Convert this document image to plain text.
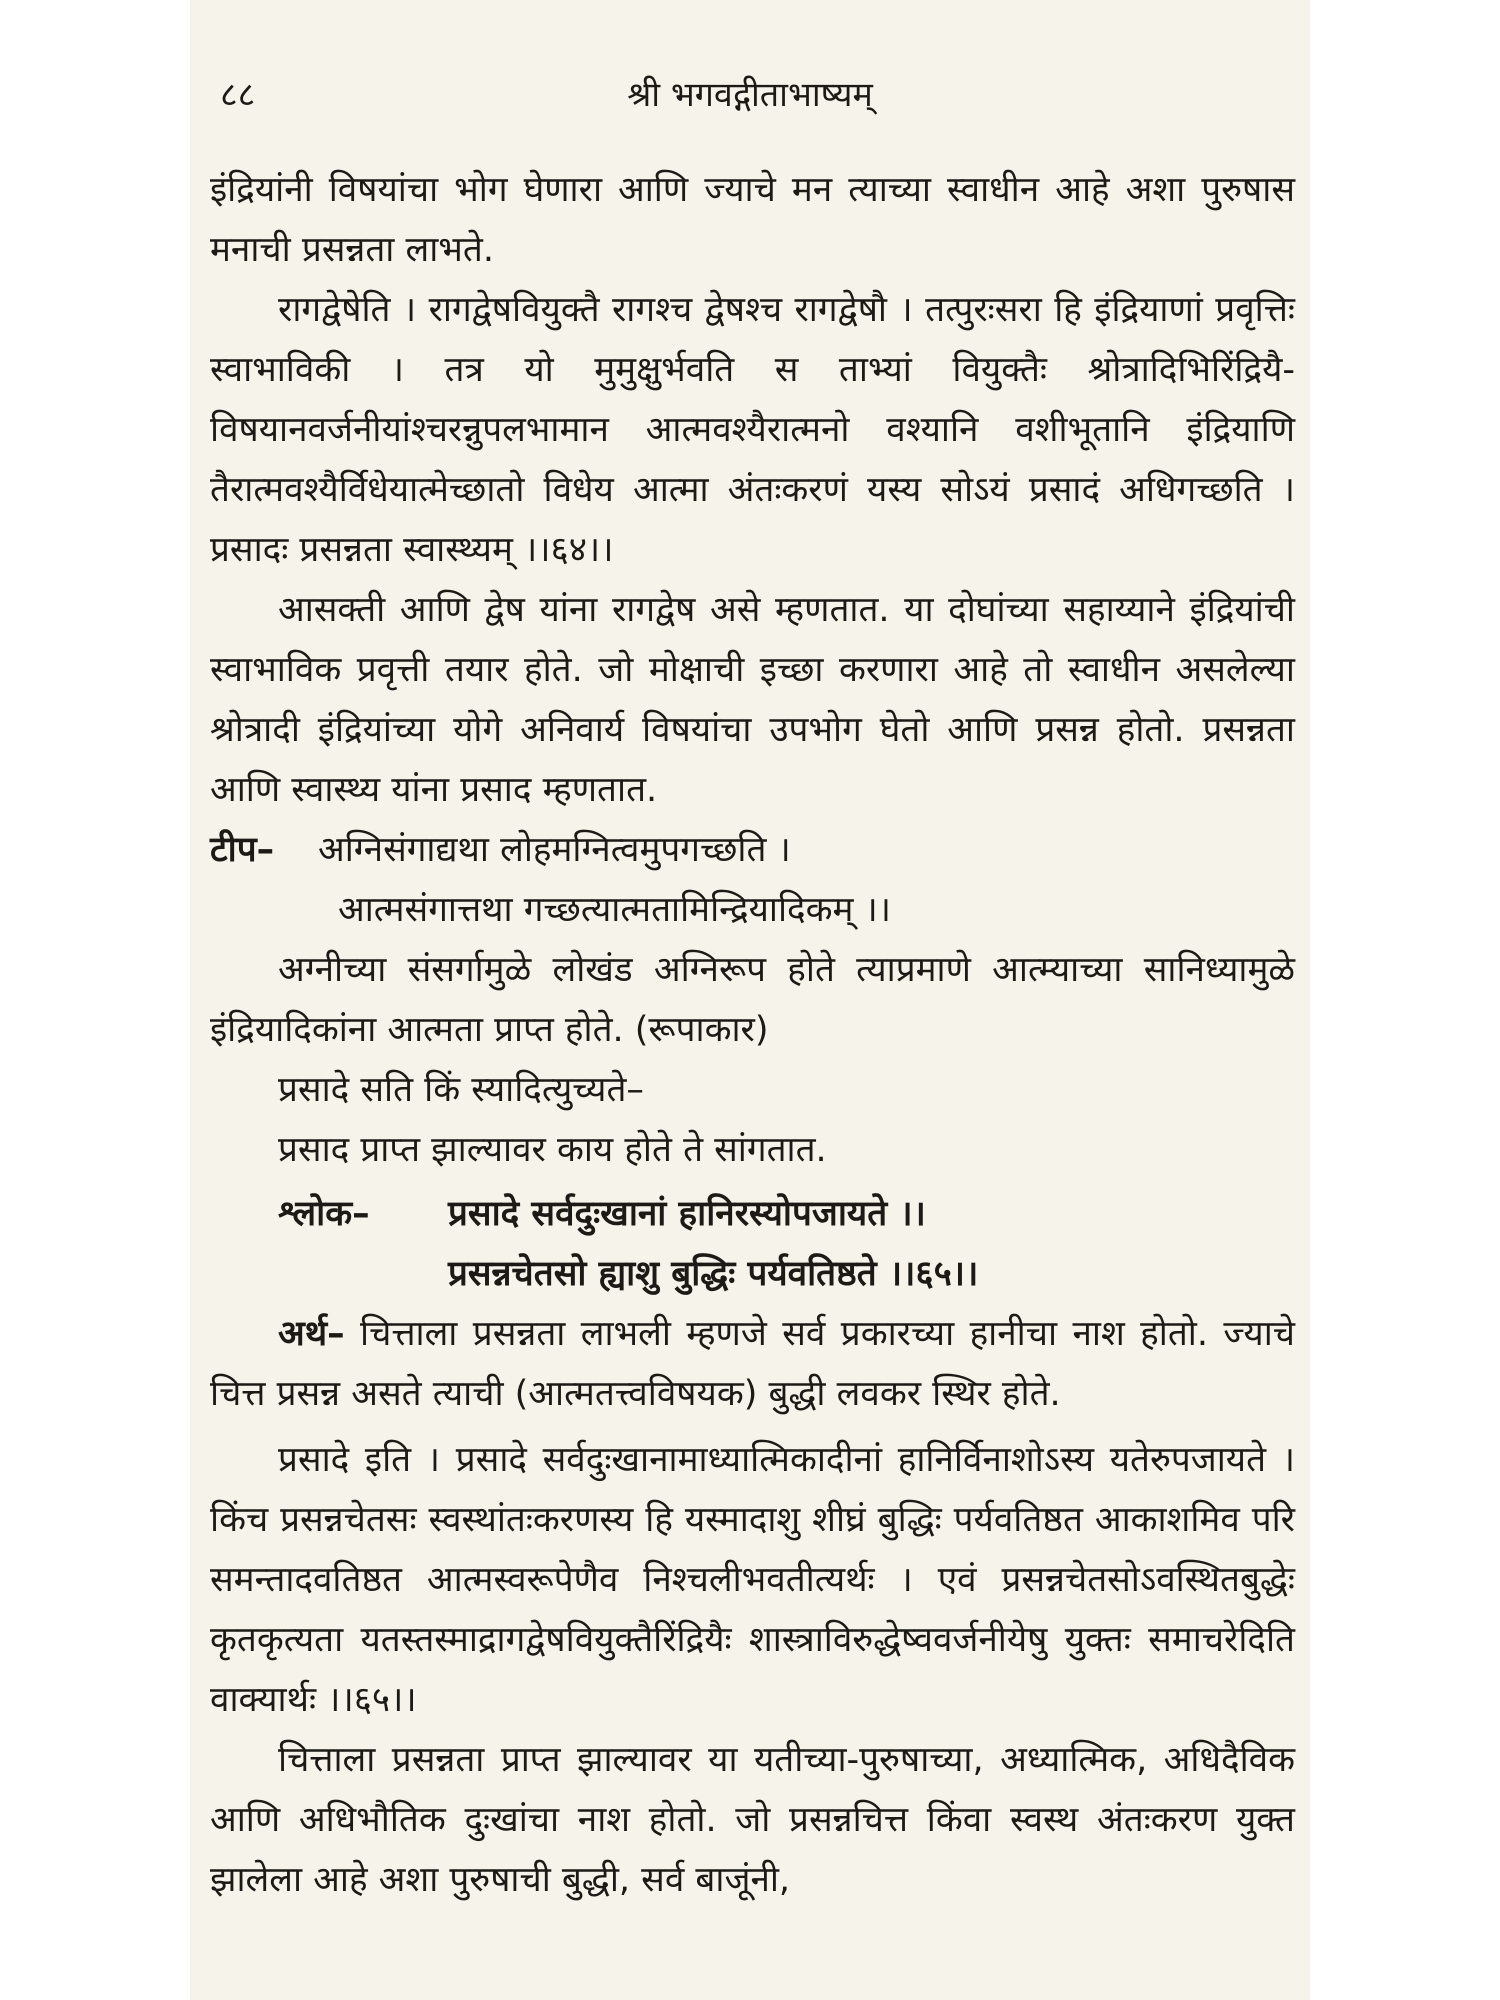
८८	श्री भगवद्गीताभाष्यम्

इंद्रियांनी विषयांचा भोग घेणारा आणि ज्याचे मन त्याच्या स्वाधीन आहे अशा पुरुषास मनाची प्रसन्नता लाभते.

रागद्वेषेति । रागद्वेषवियुक्तै रागश्च द्वेषश्च रागद्वेषौ । तत्पुरःसरा हि इंद्रियाणां प्रवृत्तिः स्वाभाविकी । तत्र यो मुमुक्षुर्भवति स ताभ्यां वियुक्तैः श्रोत्रादिभिरिंद्रियै-विषयानवर्जनीयांश्चरन्नुपलभामान आत्मवश्यैरात्मनो वश्यानि वशीभूतानि इंद्रियाणि तैरात्मवश्यैर्विधेयात्मेच्छातो विधेय आत्मा अंतःकरणं यस्य सोऽयं प्रसादं अधिगच्छति । प्रसादः प्रसन्नता स्वास्थ्यम् ।।६४।।

आसक्ती आणि द्वेष यांना रागद्वेष असे म्हणतात. या दोघांच्या सहाय्याने इंद्रियांची स्वाभाविक प्रवृत्ती तयार होते. जो मोक्षाची इच्छा करणारा आहे तो स्वाधीन असलेल्या श्रोत्रादी इंद्रियांच्या योगे अनिवार्य विषयांचा उपभोग घेतो आणि प्रसन्न होतो. प्रसन्नता आणि स्वास्थ्य यांना प्रसाद म्हणतात.

टीप–	अग्निसंगाद्यथा लोहमग्नित्वमुपगच्छति ।
आत्मसंगात्तथा गच्छत्यात्मतामिन्द्रियादिकम् ।।

अग्नीच्या संसर्गामुळे लोखंड अग्निरूप होते त्याप्रमाणे आत्म्याच्या सानिध्यामुळे इंद्रियादिकांना आत्मता प्राप्त होते. (रूपाकार)

प्रसादे सति किं स्यादित्युच्यते–
प्रसाद प्राप्त झाल्यावर काय होते ते सांगतात.
श्लोक–	प्रसादे सर्वदुःखानां हानिरस्योपजायते ।।
प्रसन्नचेतसो ह्याशु बुद्धिः पर्यवतिष्ठते ।।६५।।

अर्थ– चित्ताला प्रसन्नता लाभली म्हणजे सर्व प्रकारच्या हानीचा नाश होतो. ज्याचे चित्त प्रसन्न असते त्याची (आत्मतत्त्वविषयक) बुद्धी लवकर स्थिर होते.

प्रसादे इति । प्रसादे सर्वदुःखानामाध्यात्मिकादीनां हानिर्विनाशोऽस्य यतेरुपजायते । किंच प्रसन्नचेतसः स्वस्थांतःकरणस्य हि यस्मादाशु शीघ्रं बुद्धिः पर्यवतिष्ठत आकाशमिव परि समन्तादवतिष्ठत आत्मस्वरूपेणैव निश्चलीभवतीत्यर्थः । एवं प्रसन्नचेतसोऽवस्थितबुद्धेः कृतकृत्यता यतस्तस्माद्रागद्वेषवियुक्तैरिंद्रियैः शास्त्राविरुद्धेष्ववर्जनीयेषु युक्तः समाचरेदिति वाक्यार्थः ।।६५।।

चित्ताला प्रसन्नता प्राप्त झाल्यावर या यतीच्या-पुरुषाच्या, अध्यात्मिक, अधिदैविक आणि अधिभौतिक दुःखांचा नाश होतो. जो प्रसन्नचित्त किंवा स्वस्थ अंतःकरण युक्त झालेला आहे अशा पुरुषाची बुद्धी, सर्व बाजूंनी,
